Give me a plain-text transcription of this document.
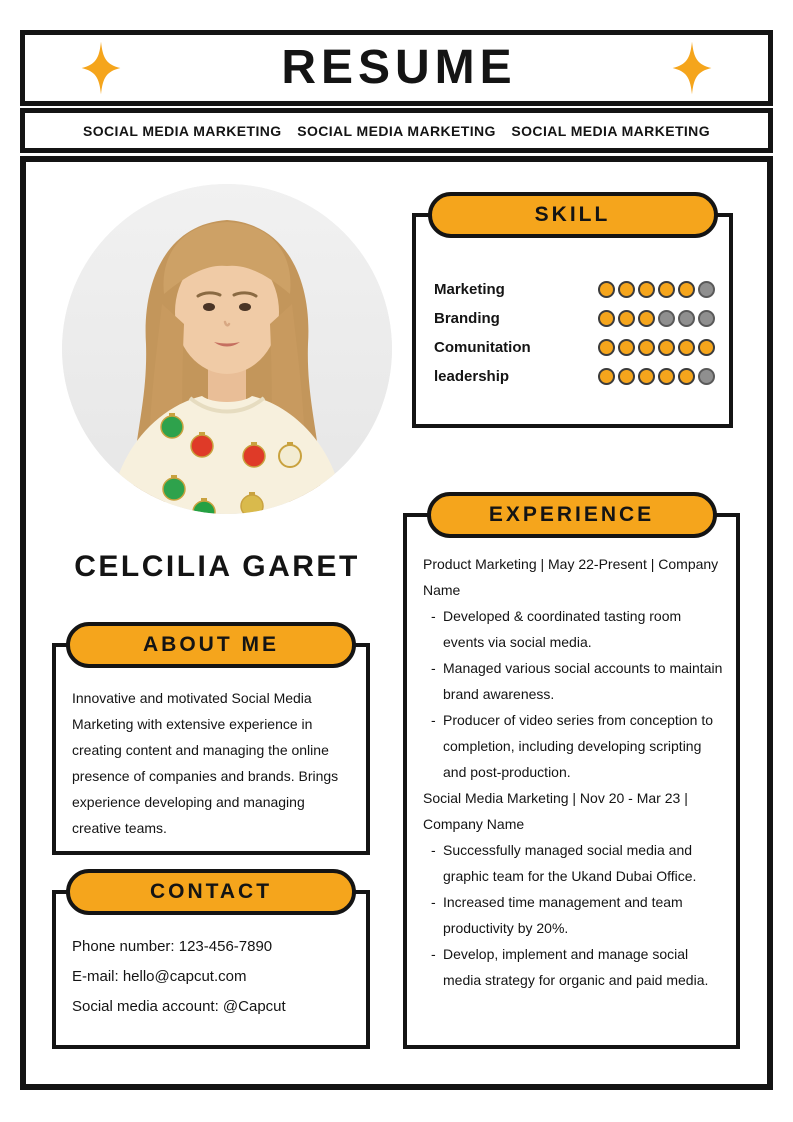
RESUME
SOCIAL MEDIA MARKETING SOCIAL MEDIA MARKETING SOCIAL MEDIA MARKETING
CELCILIA GARET
SKILL
Marketing
Branding
Comunitation
leadership
ABOUT ME
Innovative and motivated Social Media Marketing with extensive experience in creating content and managing the online presence of companies and brands. Brings experience developing and managing creative teams.
CONTACT
Phone number: 123-456-7890
E-mail: hello@capcut.com
Social media account: @Capcut
EXPERIENCE
Product Marketing | May 22-Present | Company Name
- Developed & coordinated tasting room events via social media.
- Managed various social accounts to maintain brand awareness.
- Producer of video series from conception to completion, including developing scripting and post-production.
Social Media Marketing | Nov 20 - Mar 23 | Company Name
- Successfully managed social media and graphic team for the Ukand Dubai Office.
- Increased time management and team productivity by 20%.
- Develop, implement and manage social media strategy for organic and paid media.
